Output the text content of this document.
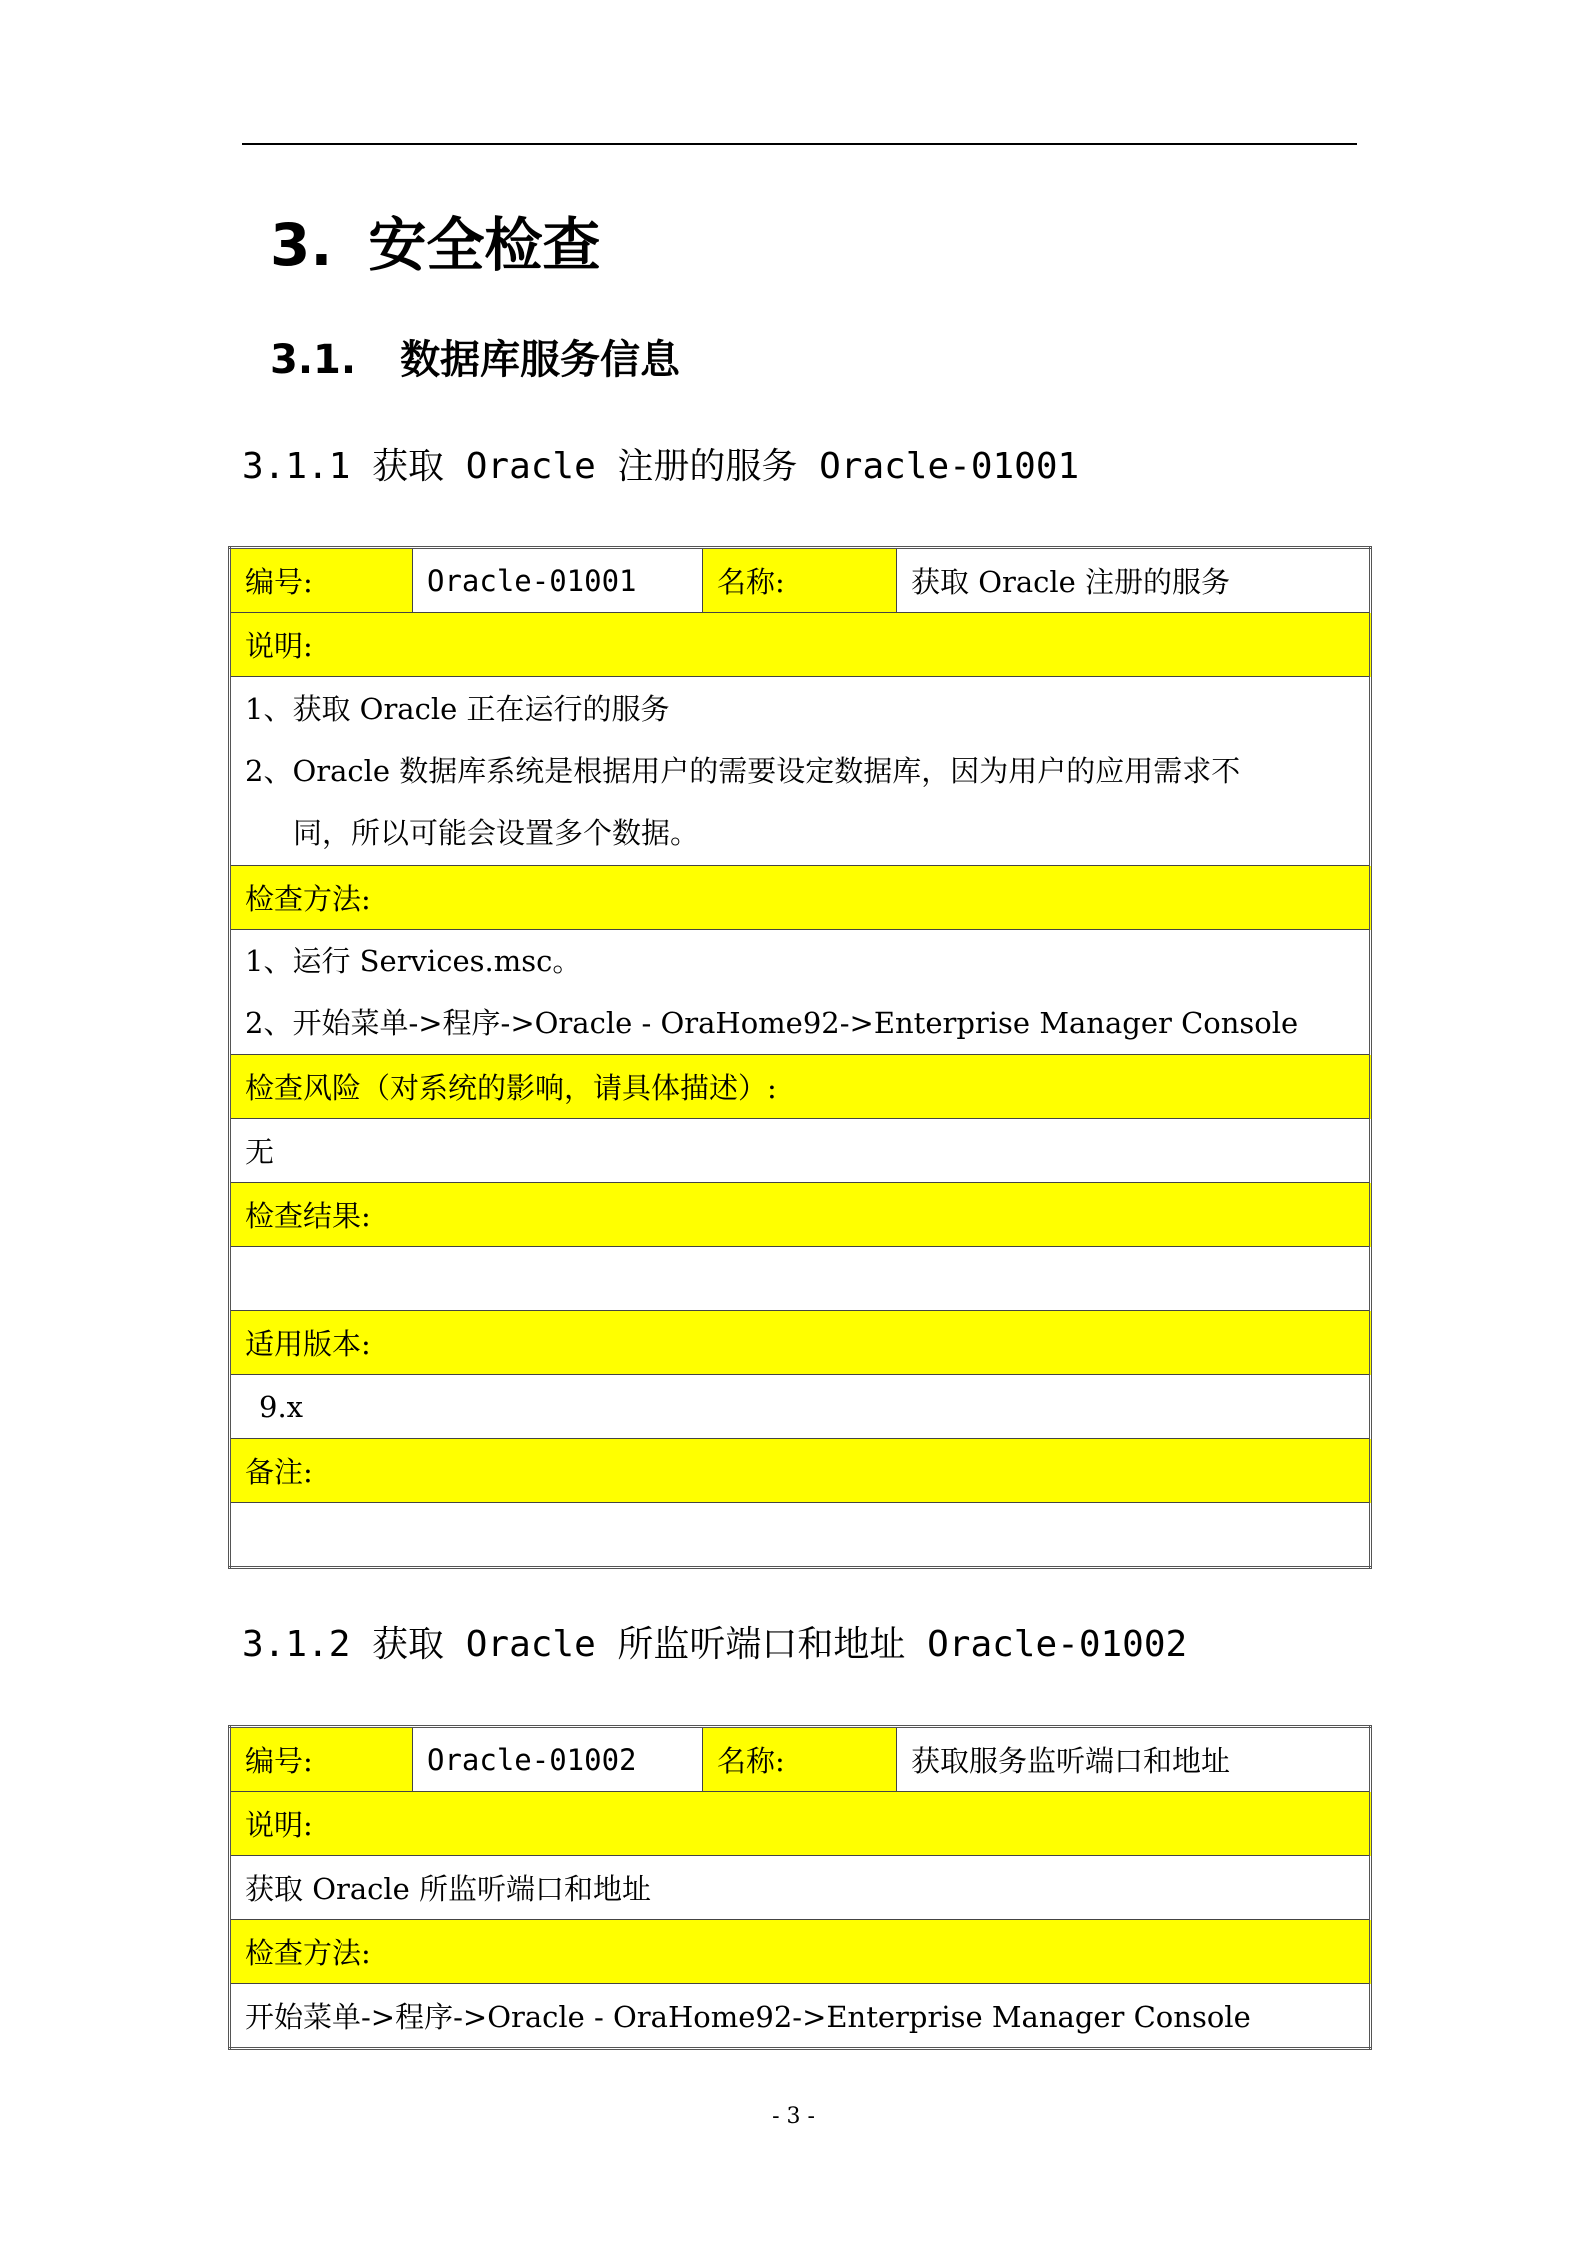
3. 安全检查
3.1. 数据库服务信息
3.1.1 获取 Oracle 注册的服务 Oracle-01001
编号:	Oracle-01001	名称:	获取 Oracle 注册的服务
说明:

1、获取 Oracle 正在运行的服务
2、Oracle 数据库系统是根据用户的需要设定数据库，因为用户的应用需求不
同，所以可能会设置多个数据。

检查方法:

1、运行 Services.msc。
2、开始菜单->程序->Oracle - OraHome92->Enterprise Manager Console

检查风险（对系统的影响，请具体描述）:
无
检查结果:

适用版本:
9.x
备注:

3.1.2 获取 Oracle 所监听端口和地址 Oracle-01002
编号:	Oracle-01002	名称:	获取服务监听端口和地址
说明:
获取 Oracle 所监听端口和地址
检查方法:
开始菜单->程序->Oracle - OraHome92->Enterprise Manager Console
- 3 -
